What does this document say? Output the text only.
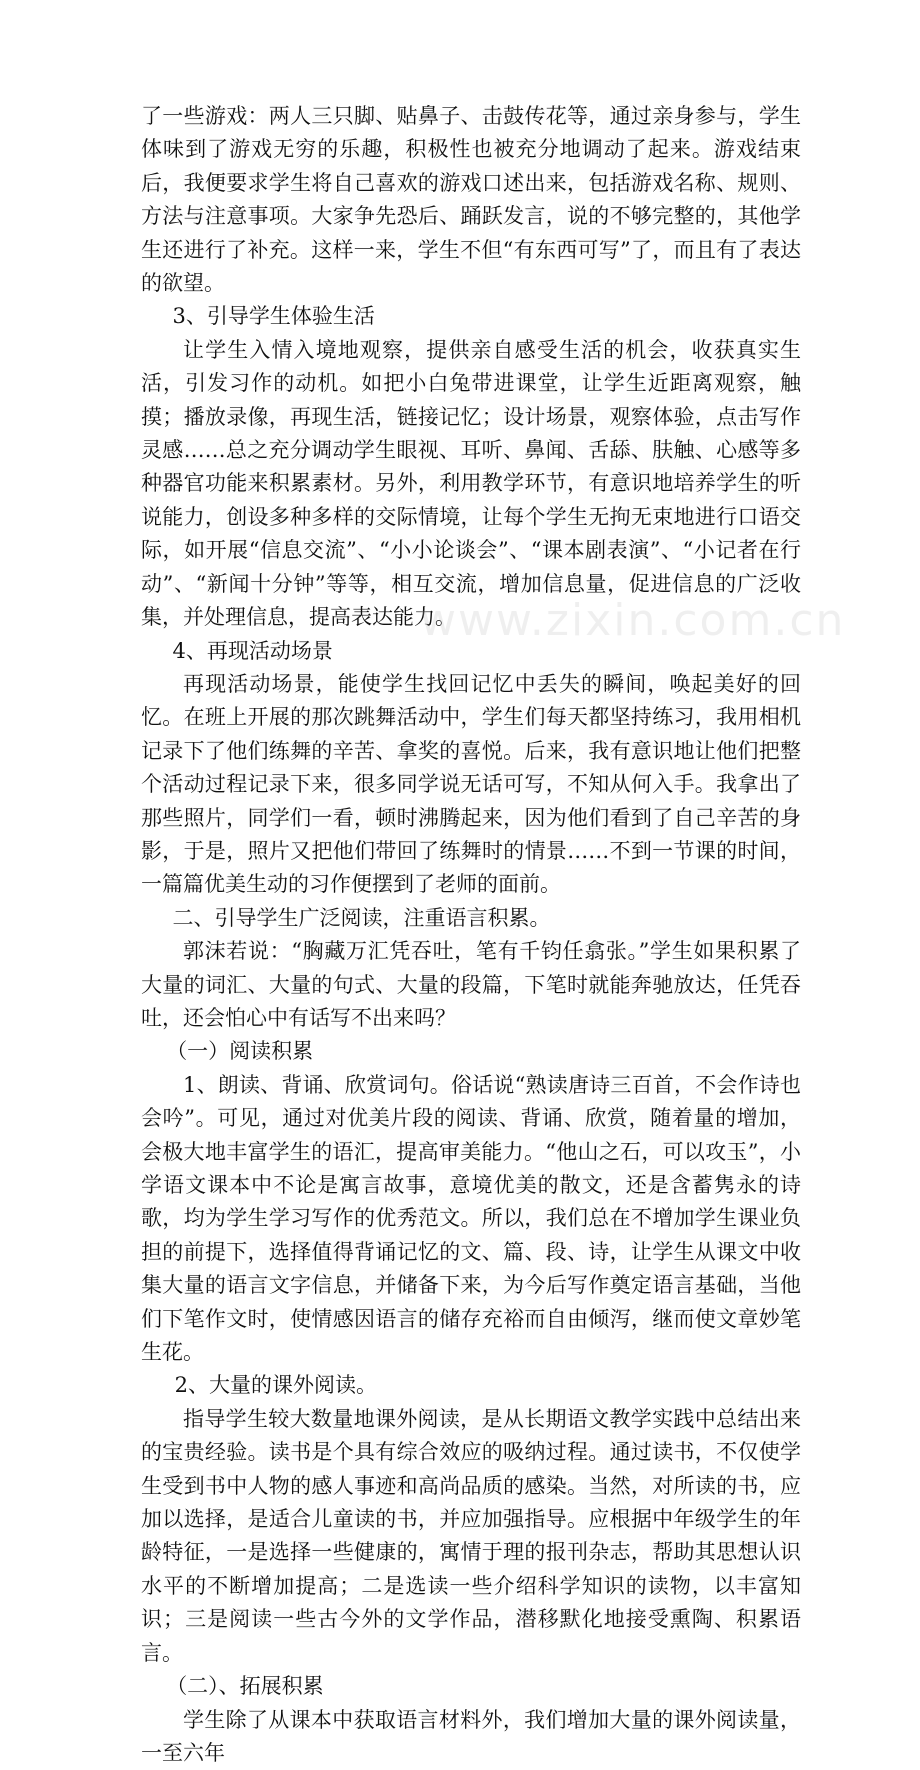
了一些游戏：两人三只脚、贴鼻子、击鼓传花等，通过亲身参与，学生体味到了游戏无穷的乐趣，积极性也被充分地调动了起来。游戏结束后，我便要求学生将自己喜欢的游戏口述出来，包括游戏名称、规则、方法与注意事项。大家争先恐后、踊跃发言，说的不够完整的，其他学生还进行了补充。这样一来，学生不但“有东西可写”了，而且有了表达的欲望。

3、引导学生体验生活

让学生入情入境地观察，提供亲自感受生活的机会，收获真实生活，引发习作的动机。如把小白兔带进课堂，让学生近距离观察，触摸；播放录像，再现生活，链接记忆；设计场景，观察体验，点击写作灵感……总之充分调动学生眼视、耳听、鼻闻、舌舔、肤触、心感等多种器官功能来积累素材。另外，利用教学环节，有意识地培养学生的听说能力，创设多种多样的交际情境，让每个学生无拘无束地进行口语交际，如开展“信息交流”、“小小论谈会”、“课本剧表演”、“小记者在行动”、“新闻十分钟”等等，相互交流，增加信息量，促进信息的广泛收集，并处理信息，提高表达能力。

4、再现活动场景

再现活动场景，能使学生找回记忆中丢失的瞬间，唤起美好的回忆。在班上开展的那次跳舞活动中，学生们每天都坚持练习，我用相机记录下了他们练舞的辛苦、拿奖的喜悦。后来，我有意识地让他们把整个活动过程记录下来，很多同学说无话可写，不知从何入手。我拿出了那些照片，同学们一看，顿时沸腾起来，因为他们看到了自己辛苦的身影，于是，照片又把他们带回了练舞时的情景……不到一节课的时间，一篇篇优美生动的习作便摆到了老师的面前。

二、引导学生广泛阅读，注重语言积累。

郭沫若说：“胸藏万汇凭吞吐，笔有千钧任翕张。”学生如果积累了大量的词汇、大量的句式、大量的段篇，下笔时就能奔驰放达，任凭吞吐，还会怕心中有话写不出来吗？

（一）阅读积累

1、朗读、背诵、欣赏词句。俗话说“熟读唐诗三百首，不会作诗也会吟”。可见，通过对优美片段的阅读、背诵、欣赏，随着量的增加，会极大地丰富学生的语汇，提高审美能力。“他山之石，可以攻玉”，小学语文课本中不论是寓言故事，意境优美的散文，还是含蓄隽永的诗歌，均为学生学习写作的优秀范文。所以，我们总在不增加学生课业负担的前提下，选择值得背诵记忆的文、篇、段、诗，让学生从课文中收集大量的语言文字信息，并储备下来，为今后写作奠定语言基础，当他们下笔作文时，使情感因语言的储存充裕而自由倾泻，继而使文章妙笔生花。

2、大量的课外阅读。

指导学生较大数量地课外阅读，是从长期语文教学实践中总结出来的宝贵经验。读书是个具有综合效应的吸纳过程。通过读书，不仅使学生受到书中人物的感人事迹和高尚品质的感染。当然，对所读的书，应加以选择，是适合儿童读的书，并应加强指导。应根据中年级学生的年龄特征，一是选择一些健康的，寓情于理的报刊杂志，帮助其思想认识水平的不断增加提高；二是选读一些介绍科学知识的读物，以丰富知识；三是阅读一些古今外的文学作品，潜移默化地接受熏陶、积累语言。

（二）、拓展积累

学生除了从课本中获取语言材料外，我们增加大量的课外阅读量，一至六年

www.zixin.com.cn
